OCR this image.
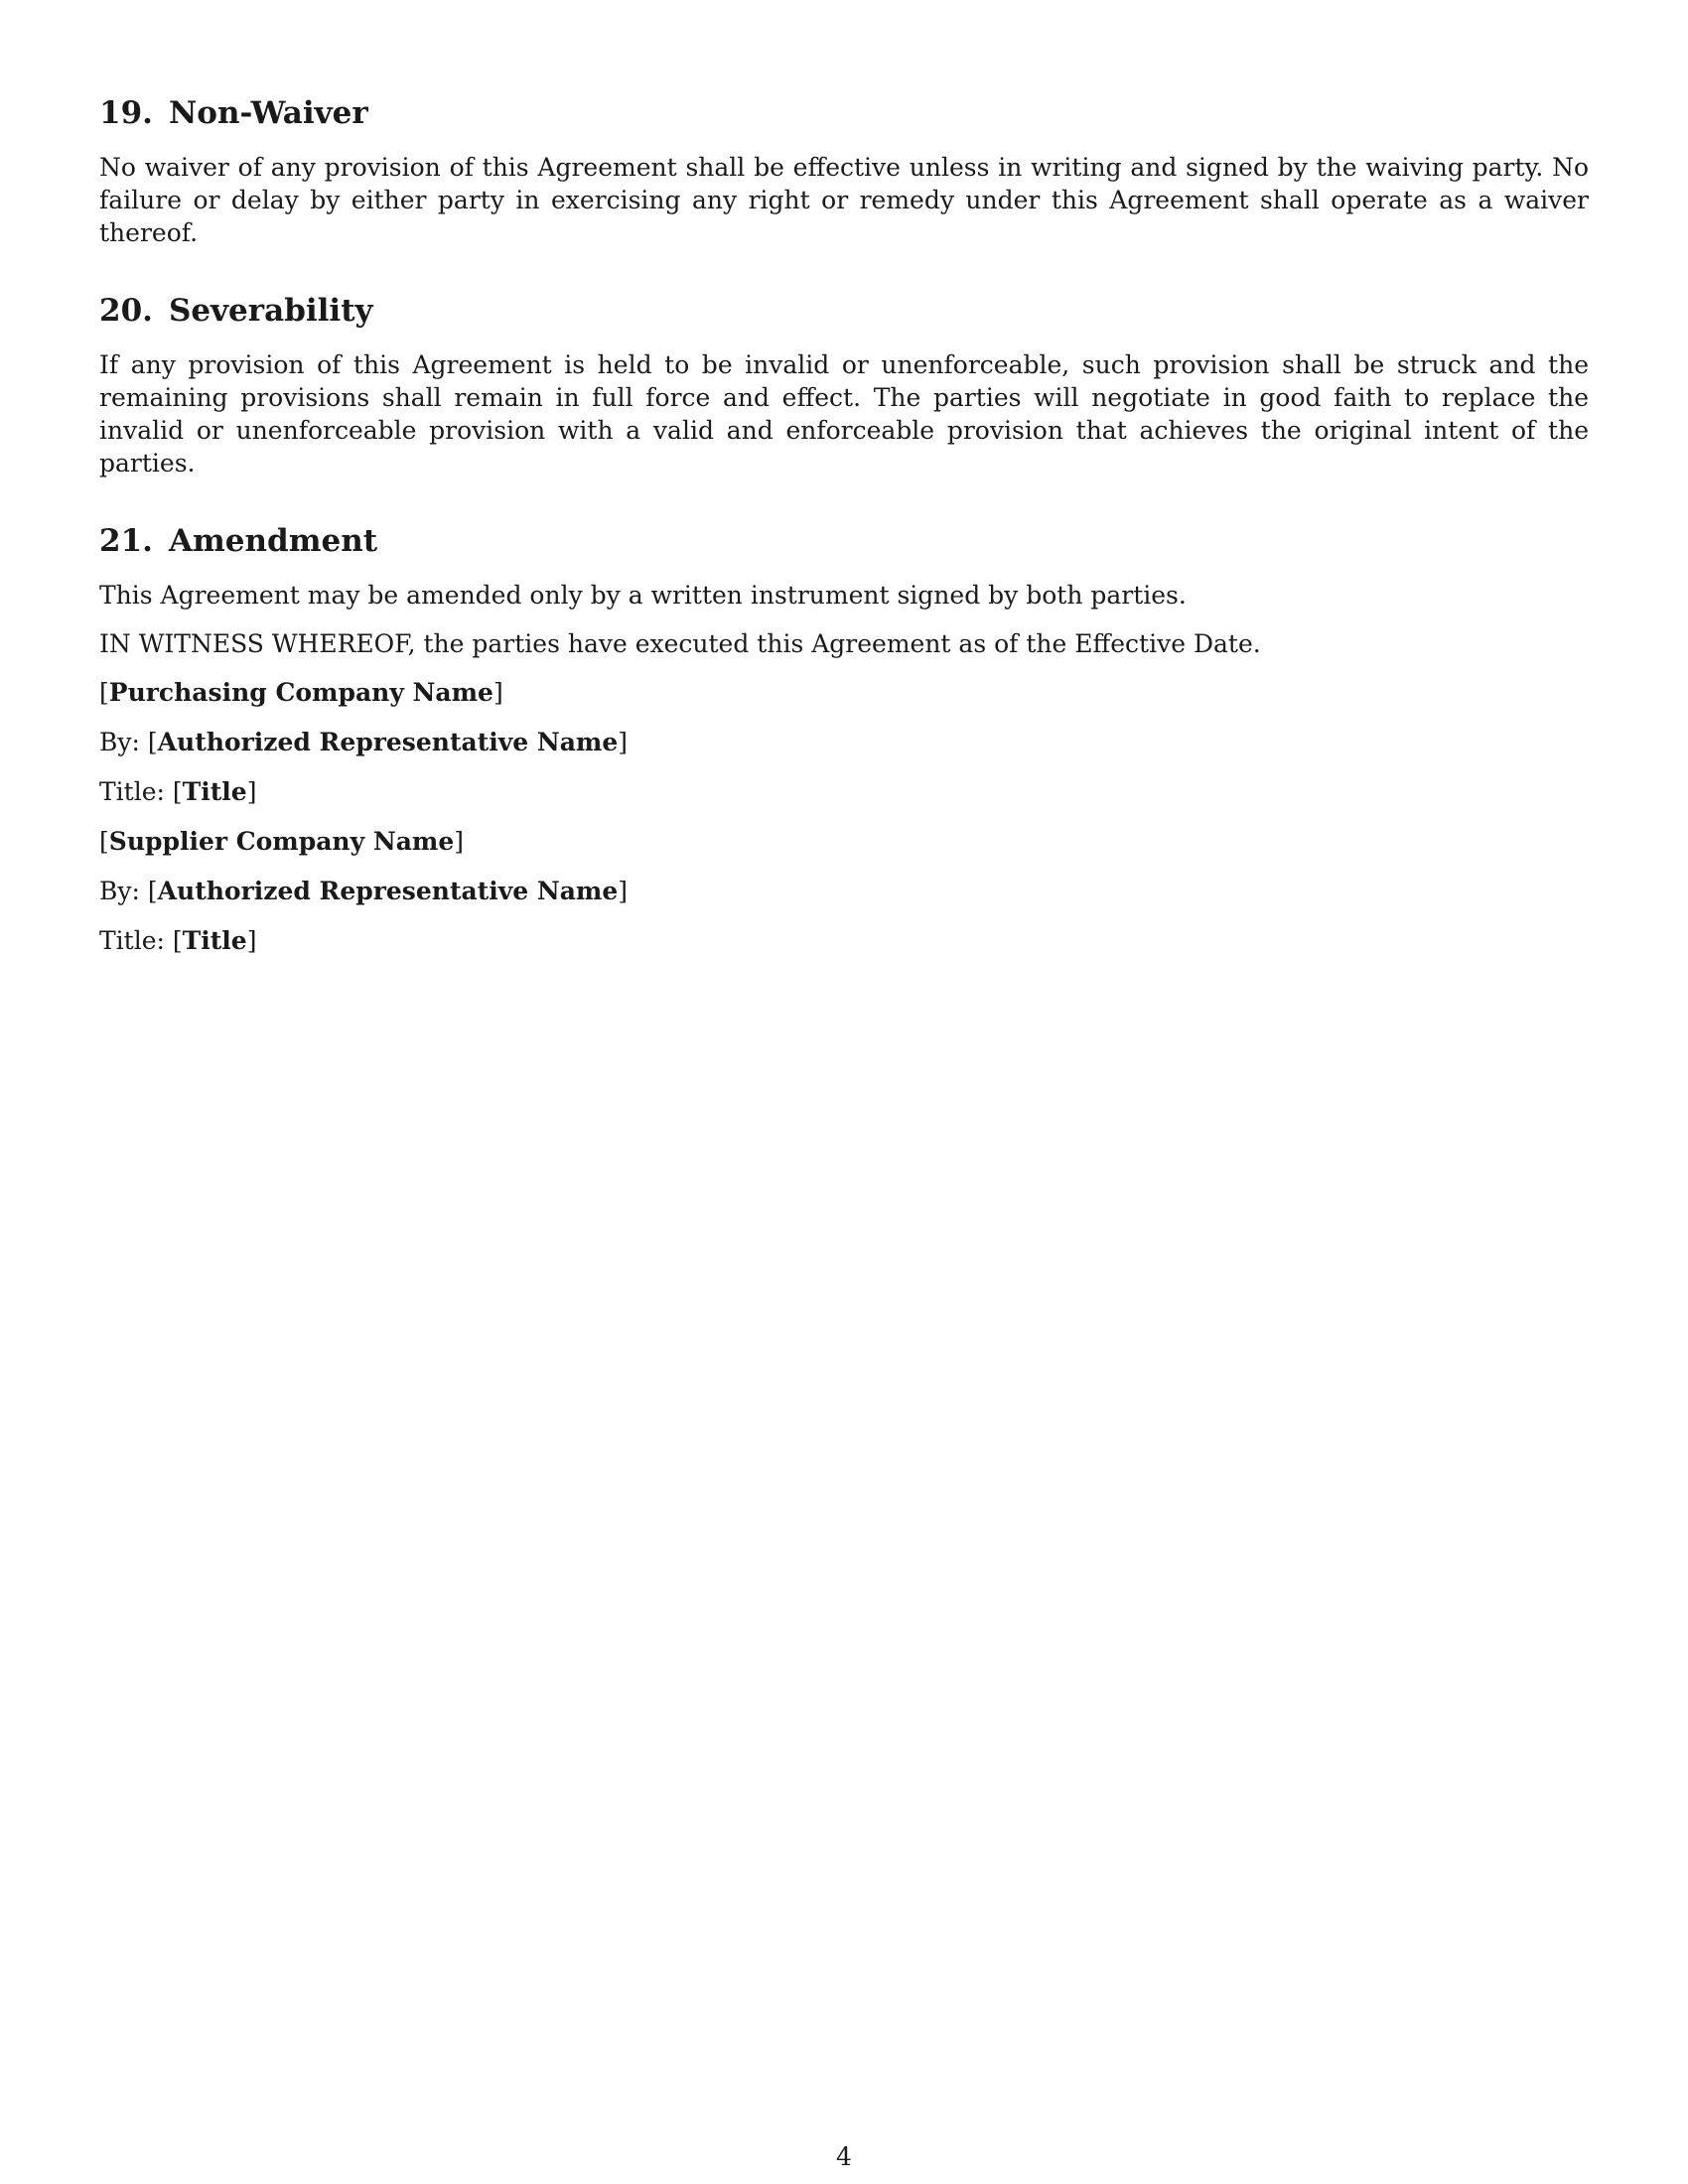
19. Non-Waiver

No waiver of any provision of this Agreement shall be effective unless in writing and signed by the waiving party. No failure or delay by either party in exercising any right or remedy under this Agreement shall operate as a waiver thereof.

20. Severability

If any provision of this Agreement is held to be invalid or unenforceable, such provision shall be struck and the remaining provisions shall remain in full force and effect. The parties will negotiate in good faith to replace the invalid or unenforceable provision with a valid and enforceable provision that achieves the original intent of the parties.

21. Amendment

This Agreement may be amended only by a written instrument signed by both parties.

IN WITNESS WHEREOF, the parties have executed this Agreement as of the Effective Date.

[Purchasing Company Name]

By: [Authorized Representative Name]

Title: [Title]

[Supplier Company Name]

By: [Authorized Representative Name]

Title: [Title]

4
